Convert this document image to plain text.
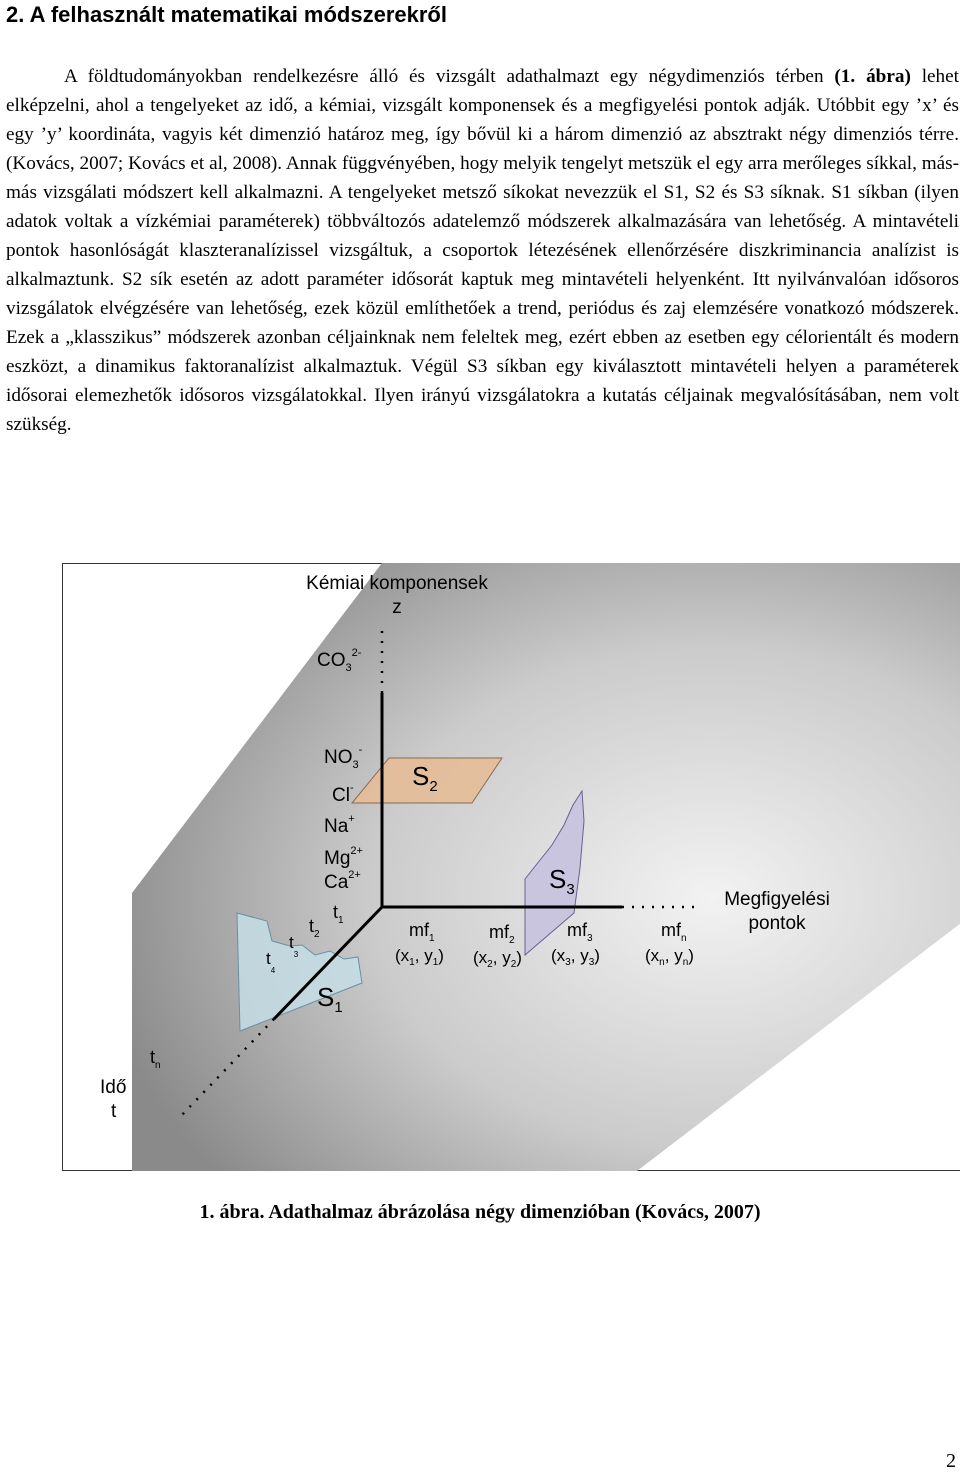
2. A felhasznált matematikai módszerekről

A földtudományokban rendelkezésre álló és vizsgált adathalmazt egy négydimenziós térben (1. ábra) lehet elképzelni, ahol a tengelyeket az idő, a kémiai, vizsgált komponensek és a megfigyelési pontok adják. Utóbbit egy ’x’ és egy ’y’ koordináta, vagyis két dimenzió határoz meg, így bővül ki a három dimenzió az absztrakt négy dimenziós térre.(Kovács, 2007; Kovács et al, 2008). Annak függvényében, hogy melyik tengelyt metszük el egy arra merőleges síkkal, más-más vizsgálati módszert kell alkalmazni. A tengelyeket metsző síkokat nevezzük el S1, S2 és S3 síknak. S1 síkban (ilyen adatok voltak a vízkémiai paraméterek) többváltozós adatelemző módszerek alkalmazására van lehetőség. A mintavételi pontok hasonlóságát klaszteranalízissel vizsgáltuk, a csoportok létezésének ellenőrzésére diszkriminancia analízist is alkalmaztunk. S2 sík esetén az adott paraméter idősorát kaptuk meg mintavételi helyenként. Itt nyilvánvalóan idősoros vizsgálatok elvégzésére van lehetőség, ezek közül említhetőek a trend, periódus és zaj elemzésére vonatkozó módszerek. Ezek a „klasszikus” módszerek azonban céljainknak nem feleltek meg, ezért ebben az esetben egy célorientált és modern eszközt, a dinamikus faktoranalízist alkalmaztuk. Végül S3 síkban egy kiválasztott mintavételi helyen a paraméterek idősorai elemezhetők idősoros vizsgálatokkal. Ilyen irányú vizsgálatokra a kutatás céljainak megvalósításában, nem volt szükség.

Kémiai komponensek
z
$CO_3^{2-}$
$NO_3^-$
Cl-
Na+
$Mg^{2+}$
$Ca^{2+}$
$S_2$
$S_3$
$S_1$
$t_1$
$t_2$
$t_3$
$t_4$
$t_n$
$mf_1$
($x_1$, $y_1$)
$mf_2$
($x_2$, $y_2$)
$mf_3$
($x_3$, $y_3$)
$mf_n$
($x_n$, $y_n$)
Megfigyelési
pontok
Idő
t
1. ábra. Adathalmaz ábrázolása négy dimenzióban (Kovács, 2007)
2
